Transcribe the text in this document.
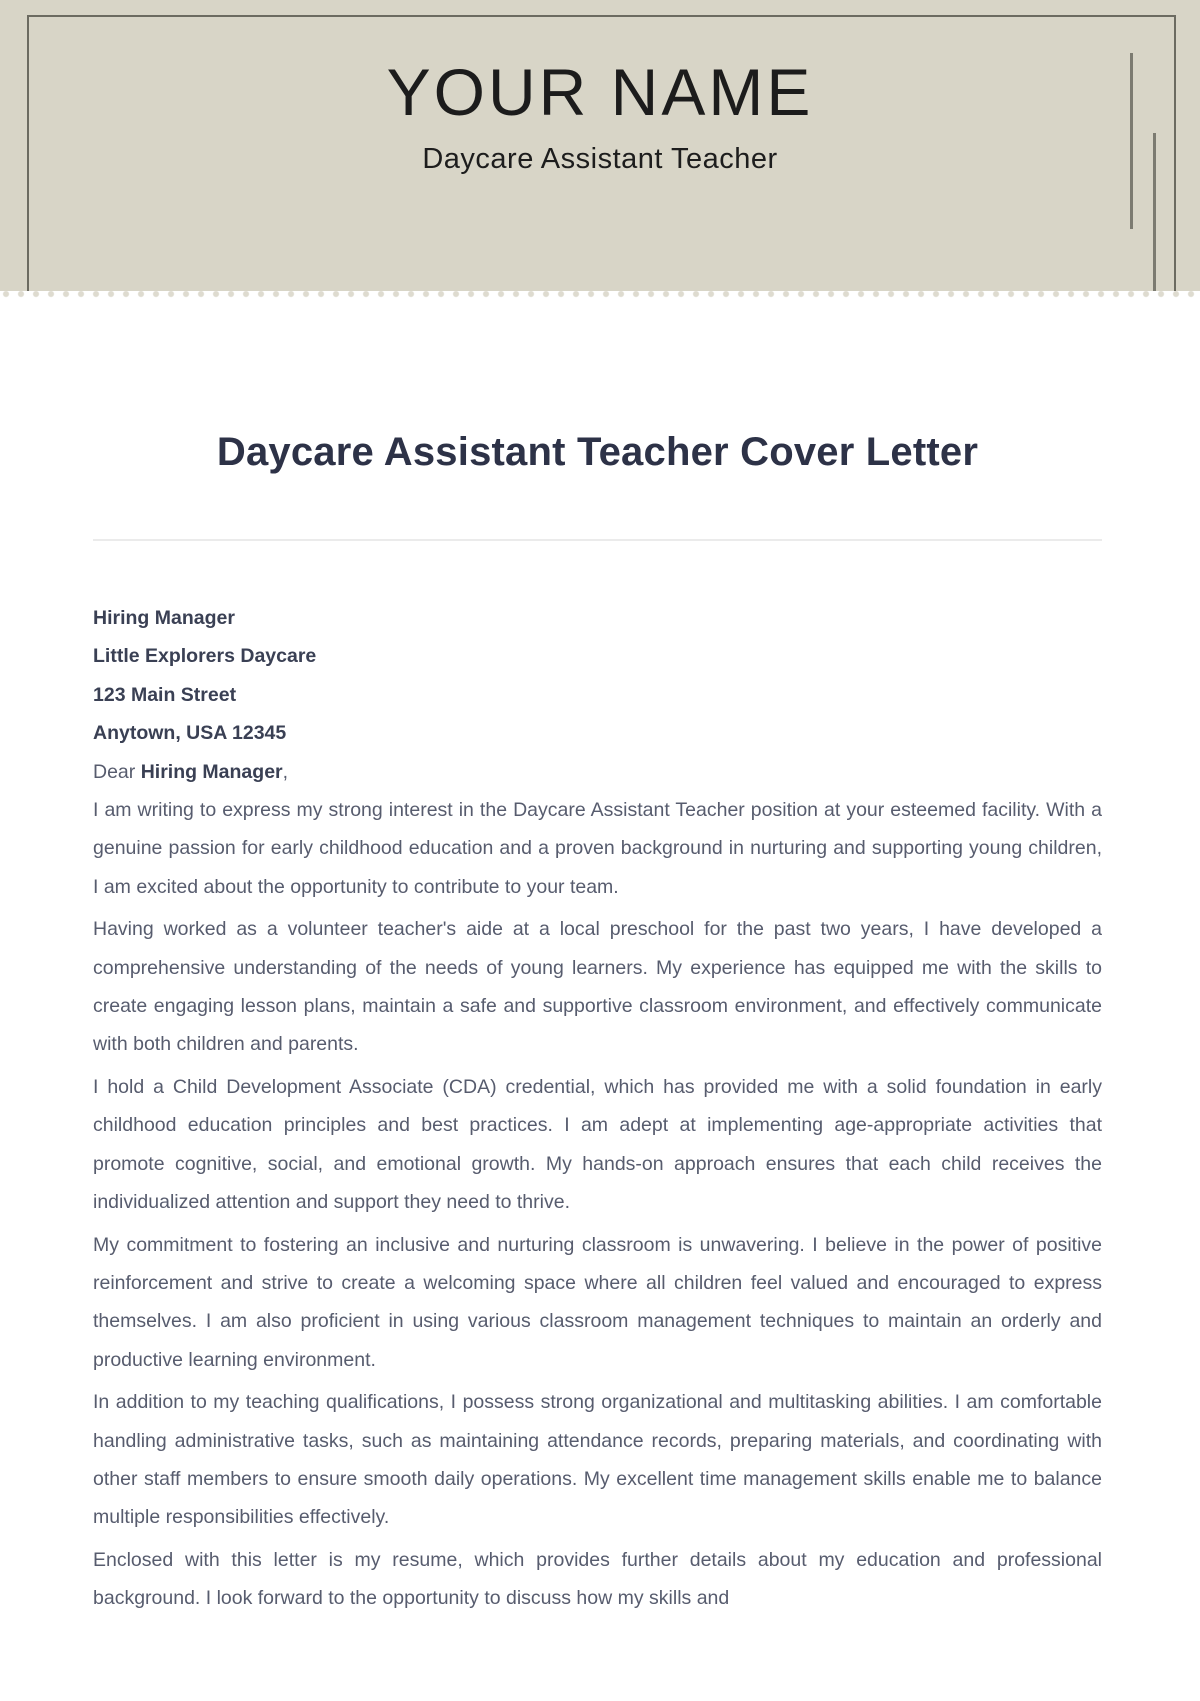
YOUR NAME
Daycare Assistant Teacher
Daycare Assistant Teacher Cover Letter
Hiring Manager
Little Explorers Daycare
123 Main Street
Anytown, USA 12345
Dear Hiring Manager,

I am writing to express my strong interest in the Daycare Assistant Teacher position at your esteemed facility. With a genuine passion for early childhood education and a proven background in nurturing and supporting young children, I am excited about the opportunity to contribute to your team.

Having worked as a volunteer teacher's aide at a local preschool for the past two years, I have developed a comprehensive understanding of the needs of young learners. My experience has equipped me with the skills to create engaging lesson plans, maintain a safe and supportive classroom environment, and effectively communicate with both children and parents.

I hold a Child Development Associate (CDA) credential, which has provided me with a solid foundation in early childhood education principles and best practices. I am adept at implementing age-appropriate activities that promote cognitive, social, and emotional growth. My hands-on approach ensures that each child receives the individualized attention and support they need to thrive.

My commitment to fostering an inclusive and nurturing classroom is unwavering. I believe in the power of positive reinforcement and strive to create a welcoming space where all children feel valued and encouraged to express themselves. I am also proficient in using various classroom management techniques to maintain an orderly and productive learning environment.

In addition to my teaching qualifications, I possess strong organizational and multitasking abilities. I am comfortable handling administrative tasks, such as maintaining attendance records, preparing materials, and coordinating with other staff members to ensure smooth daily operations. My excellent time management skills enable me to balance multiple responsibilities effectively.

Enclosed with this letter is my resume, which provides further details about my education and professional background. I look forward to the opportunity to discuss how my skills and
